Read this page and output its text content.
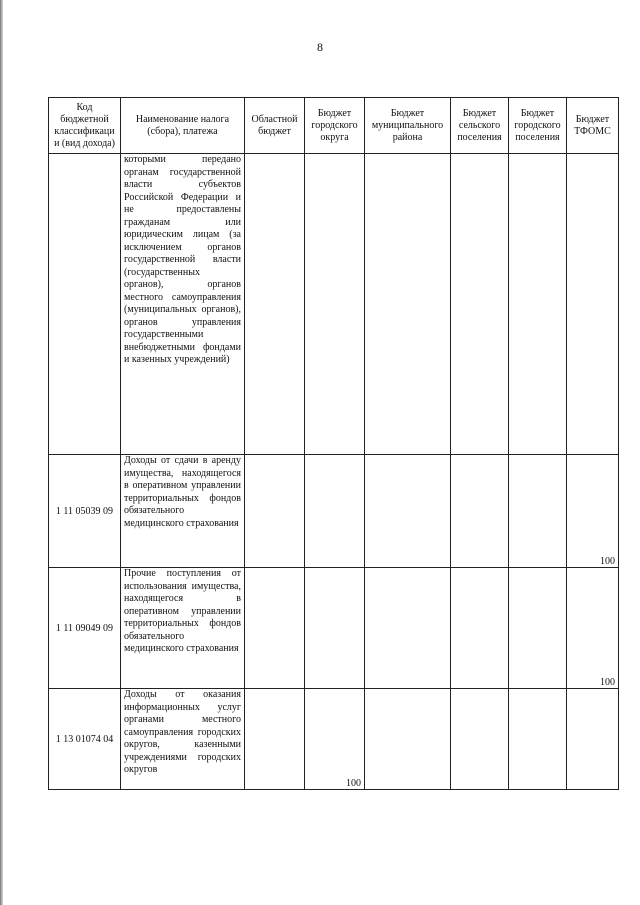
8
Код бюджетной классификаци и (вид дохода)	Наименование налога (сбора), платежа	Областной бюджет	Бюджет городского округа	Бюджет муниципального района	Бюджет сельского поселения	Бюджет городского поселения	Бюджет ТФОМС
	которыми передано органам государственной власти субъектов Российской Федерации и не предоставлены гражданам или юридическим лицам (за исключением органов государственной власти (государственных органов), органов местного самоуправления (муниципальных органов), органов управления государственными внебюджетными фондами и казенных учреждений)						
1 11 05039 09	Доходы от сдачи в аренду имущества, находящегося в оперативном управлении территориальных фондов обязательного медицинского страхования						100
1 11 09049 09	Прочие поступления от использования имущества, находящегося в оперативном управлении территориальных фондов обязательного медицинского страхования						100
1 13 01074 04	Доходы от оказания информационных услуг органами местного самоуправления городских округов, казенными учреждениями городских округов		100				
